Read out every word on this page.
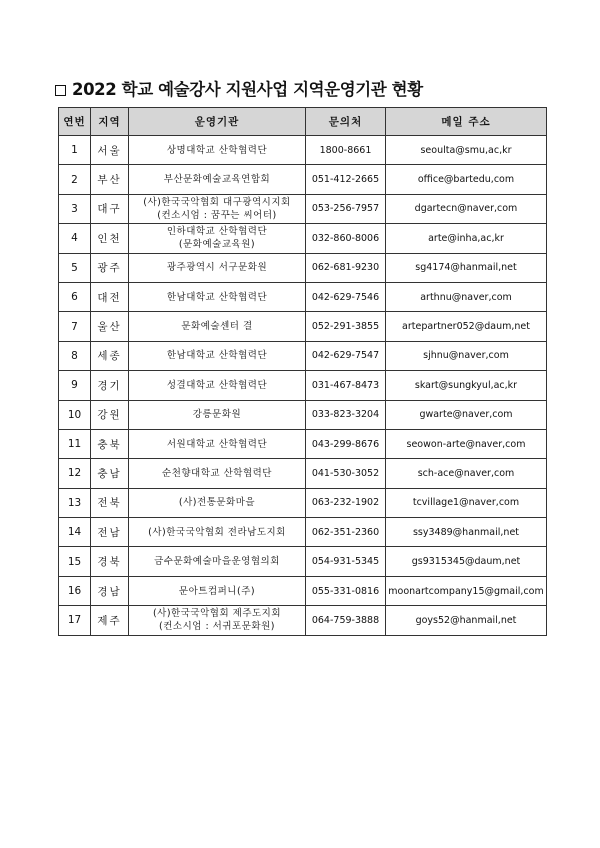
2022 학교 예술강사 지원사업 지역운영기관 현황
연번	지역	운영기관	문의처	메일 주소
1	서울	상명대학교 산학협력단	1800-8661	seoulta@smu,ac,kr
2	부산	부산문화예술교육연합회	051-412-2665	office@bartedu,com
3	대구	(사)한국국악협회 대구광역시지회
(컨소시엄 : 꿈꾸는 씨어터)	053-256-7957	dgartecn@naver,com
4	인천	인하대학교 산학협력단
(문화예술교육원)	032-860-8006	arte@inha,ac,kr
5	광주	광주광역시 서구문화원	062-681-9230	sg4174@hanmail,net
6	대전	한남대학교 산학협력단	042-629-7546	arthnu@naver,com
7	울산	문화예술센터 결	052-291-3855	artepartner052@daum,net
8	세종	한남대학교 산학협력단	042-629-7547	sjhnu@naver,com
9	경기	성결대학교 산학협력단	031-467-8473	skart@sungkyul,ac,kr
10	강원	강릉문화원	033-823-3204	gwarte@naver,com
11	충북	서원대학교 산학협력단	043-299-8676	seowon-arte@naver,com
12	충남	순천향대학교 산학협력단	041-530-3052	sch-ace@naver,com
13	전북	(사)전통문화마을	063-232-1902	tcvillage1@naver,com
14	전남	(사)한국국악협회 전라남도지회	062-351-2360	ssy3489@hanmail,net
15	경북	금수문화예술마을운영협의회	054-931-5345	gs9315345@daum,net
16	경남	문아트컴퍼니(주)	055-331-0816	moonartcompany15@gmail,com
17	제주	(사)한국국악협회 제주도지회
(컨소시엄 : 서귀포문화원)	064-759-3888	goys52@hanmail,net
